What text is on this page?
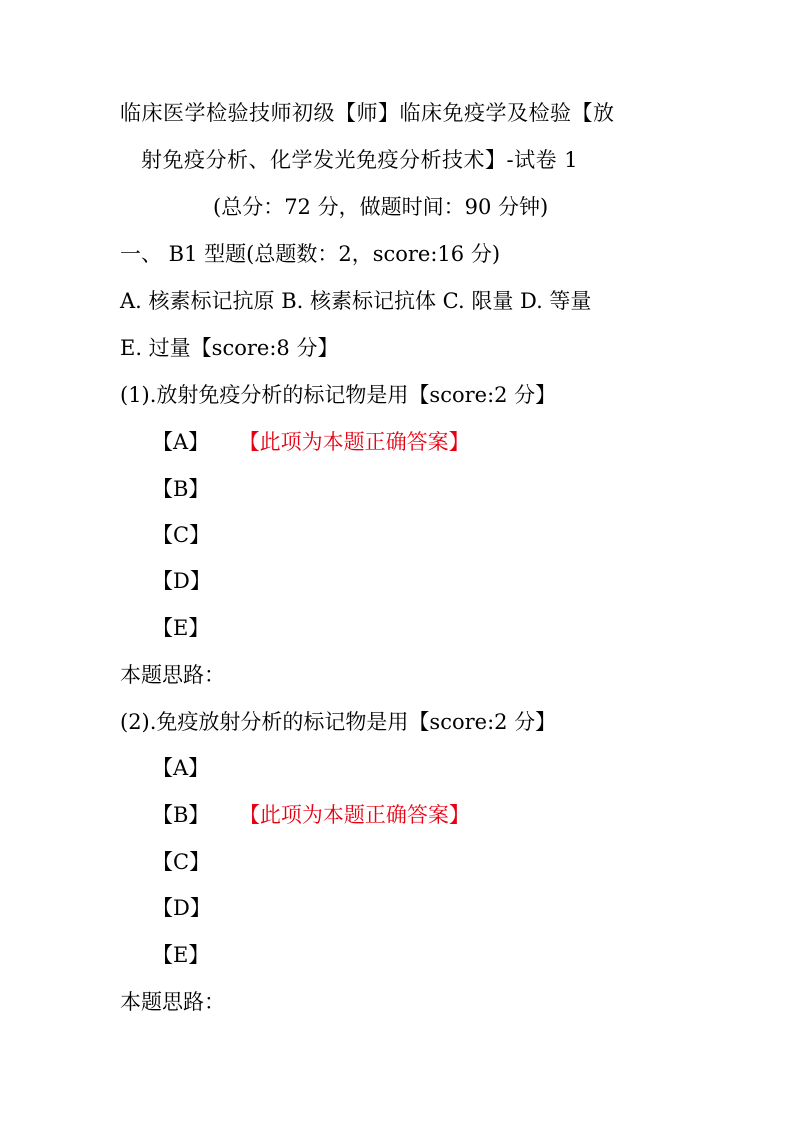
临床医学检验技师初级【师】临床免疫学及检验【放
射免疫分析、化学发光免疫分析技术】-试卷 1
(总分：72 分，做题时间：90 分钟)
一、 B1 型题(总题数：2，score:16 分)
A. 核素标记抗原 B. 核素标记抗体 C. 限量 D. 等量
E. 过量【score:8 分】
(1).放射免疫分析的标记物是用【score:2 分】
【A】 【此项为本题正确答案】
【B】
【C】
【D】
【E】
本题思路：
(2).免疫放射分析的标记物是用【score:2 分】
【A】
【B】 【此项为本题正确答案】
【C】
【D】
【E】
本题思路：
